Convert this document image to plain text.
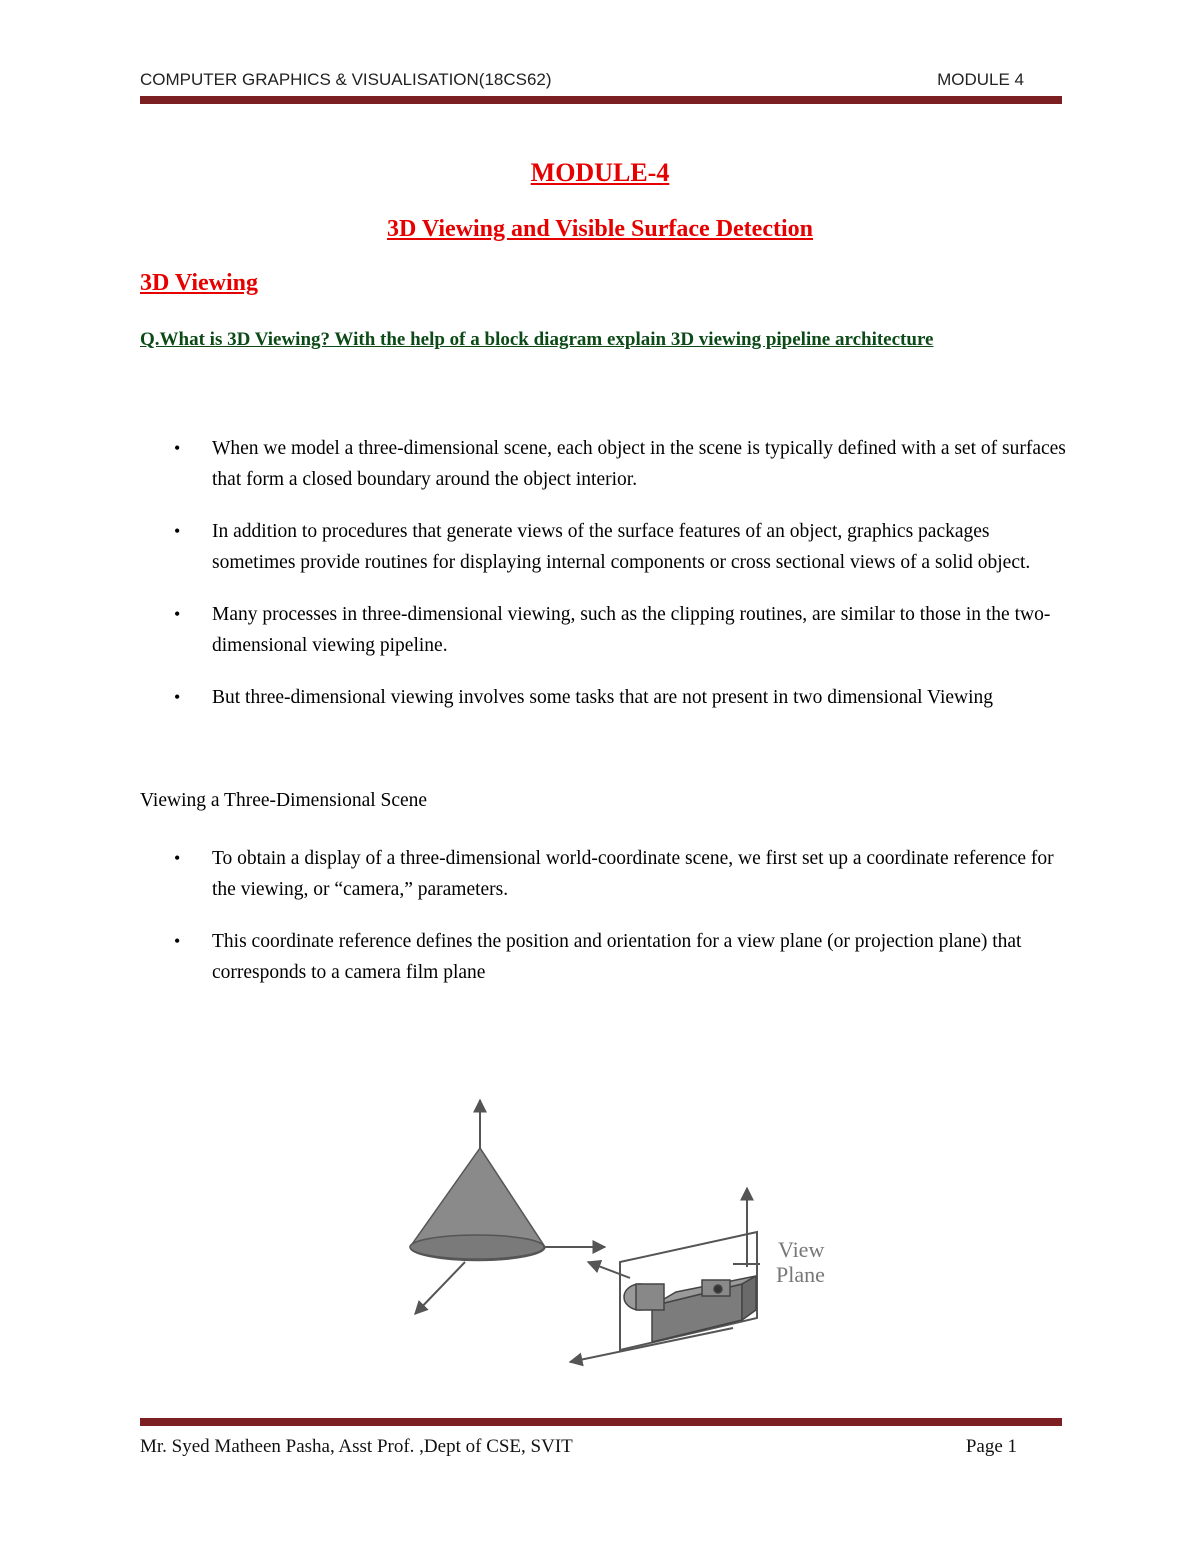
COMPUTER GRAPHICS & VISUALISATION(18CS62)	MODULE 4
MODULE-4
3D Viewing and Visible Surface Detection
3D Viewing
Q.What is 3D Viewing? With the help of a block diagram explain 3D viewing pipeline architecture
• When we model a three-dimensional scene, each object in the scene is typically defined with a set of surfaces that form a closed boundary around the object interior.
• In addition to procedures that generate views of the surface features of an object, graphics packages sometimes provide routines for displaying internal components or cross sectional views of a solid object.
• Many processes in three-dimensional viewing, such as the clipping routines, are similar to those in the two-dimensional viewing pipeline.
• But three-dimensional viewing involves some tasks that are not present in two dimensional Viewing
Viewing a Three-Dimensional Scene
• To obtain a display of a three-dimensional world-coordinate scene, we first set up a coordinate reference for the viewing, or “camera,” parameters.
• This coordinate reference defines the position and orientation for a view plane (or projection plane) that corresponds to a camera film plane
View
Plane
Mr. Syed Matheen Pasha, Asst Prof. ,Dept of CSE, SVIT	Page 1
